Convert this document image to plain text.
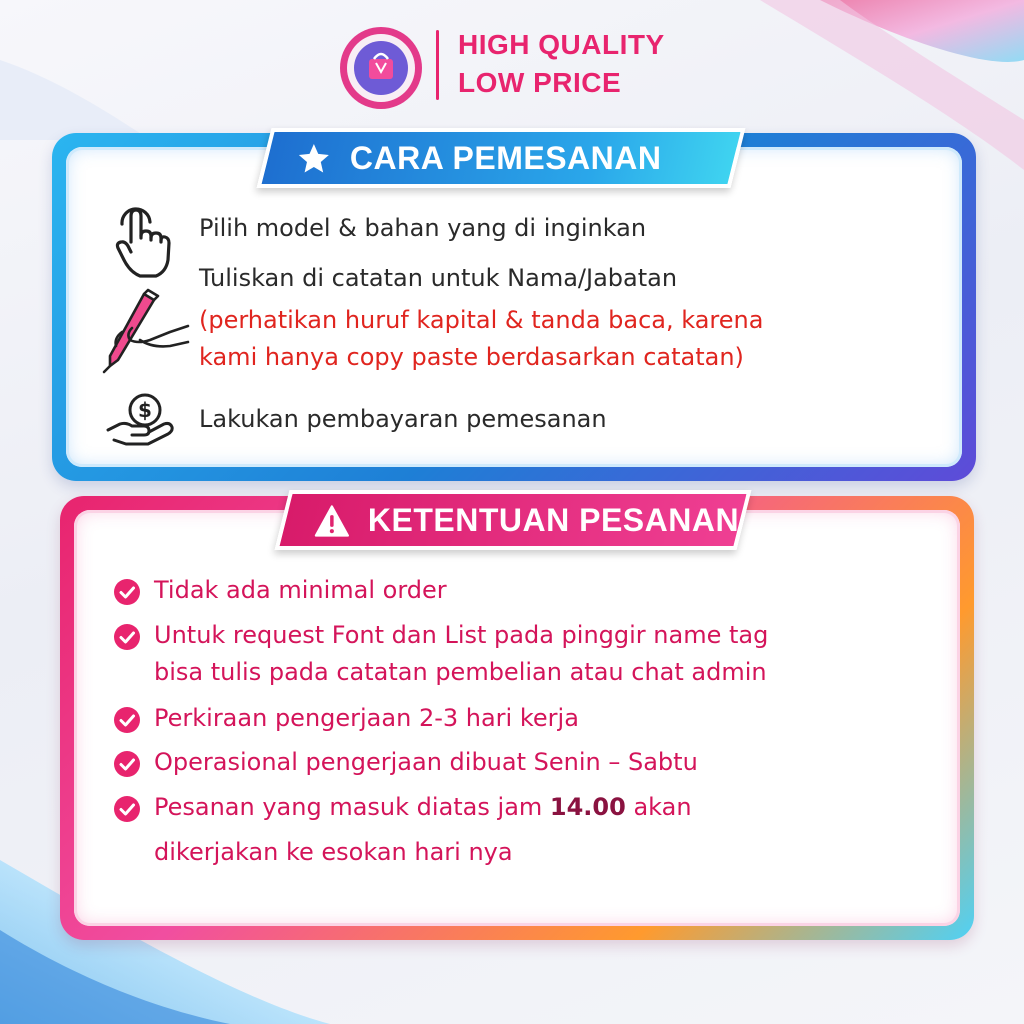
HIGH QUALITY
LOW PRICE
CARA PEMESANAN
Pilih model & bahan yang di inginkan
Tuliskan di catatan untuk Nama/Jabatan
(perhatikan huruf kapital & tanda baca, karena
kami hanya copy paste berdasarkan catatan)
$ Lakukan pembayaran pemesanan
KETENTUAN PESANAN
Tidak ada minimal order
Untuk request Font dan List pada pinggir name tag
bisa tulis pada catatan pembelian atau chat admin
Perkiraan pengerjaan 2-3 hari kerja
Operasional pengerjaan dibuat Senin – Sabtu
Pesanan yang masuk diatas jam 14.00 akan
dikerjakan ke esokan hari nya
